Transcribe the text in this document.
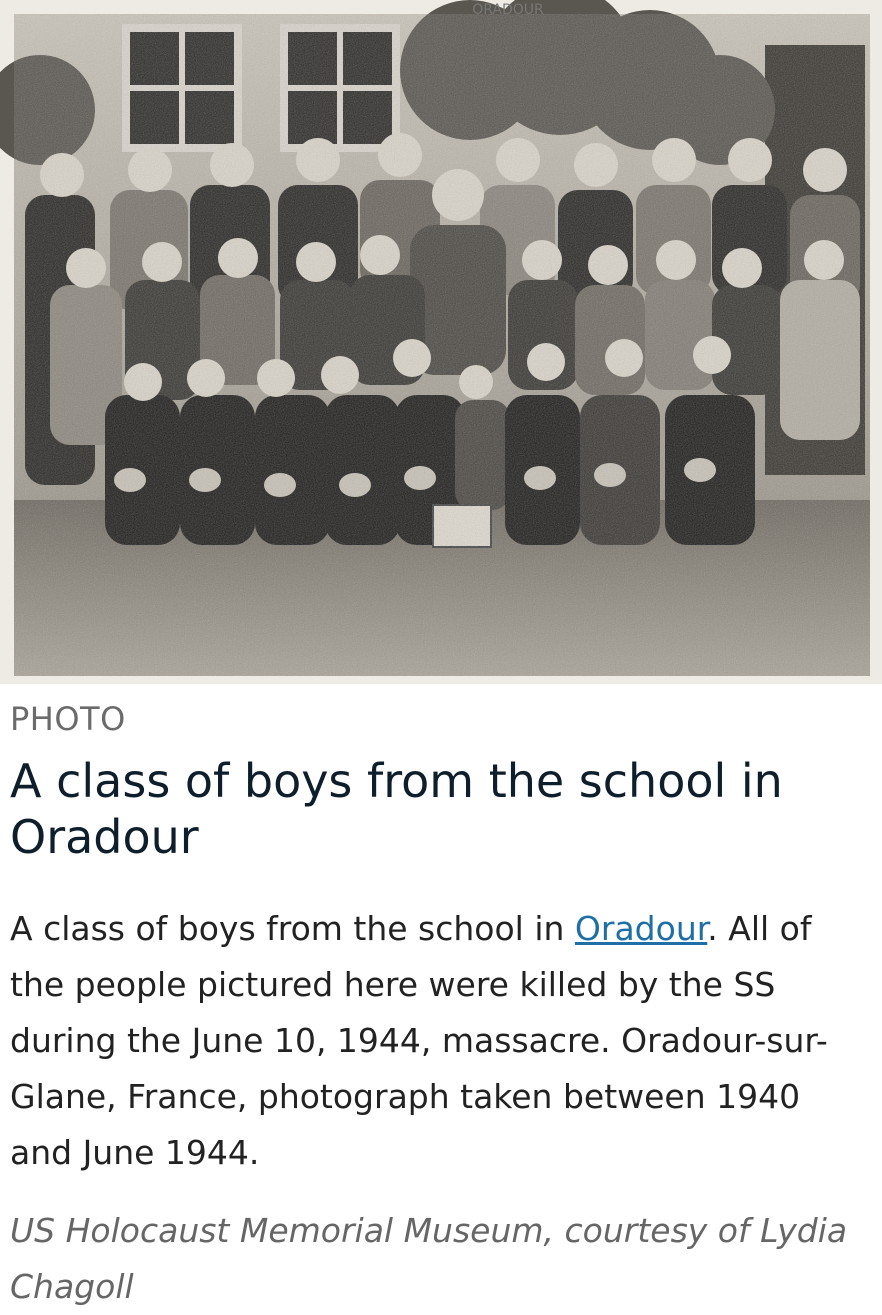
ORADOUR
PHOTO
A class of boys from the school in Oradour

A class of boys from the school in Oradour. All of the people pictured here were killed by the SS during the June 10, 1944, massacre. Oradour-sur-Glane, France, photograph taken between 1940 and June 1944.

US Holocaust Memorial Museum, courtesy of Lydia Chagoll
